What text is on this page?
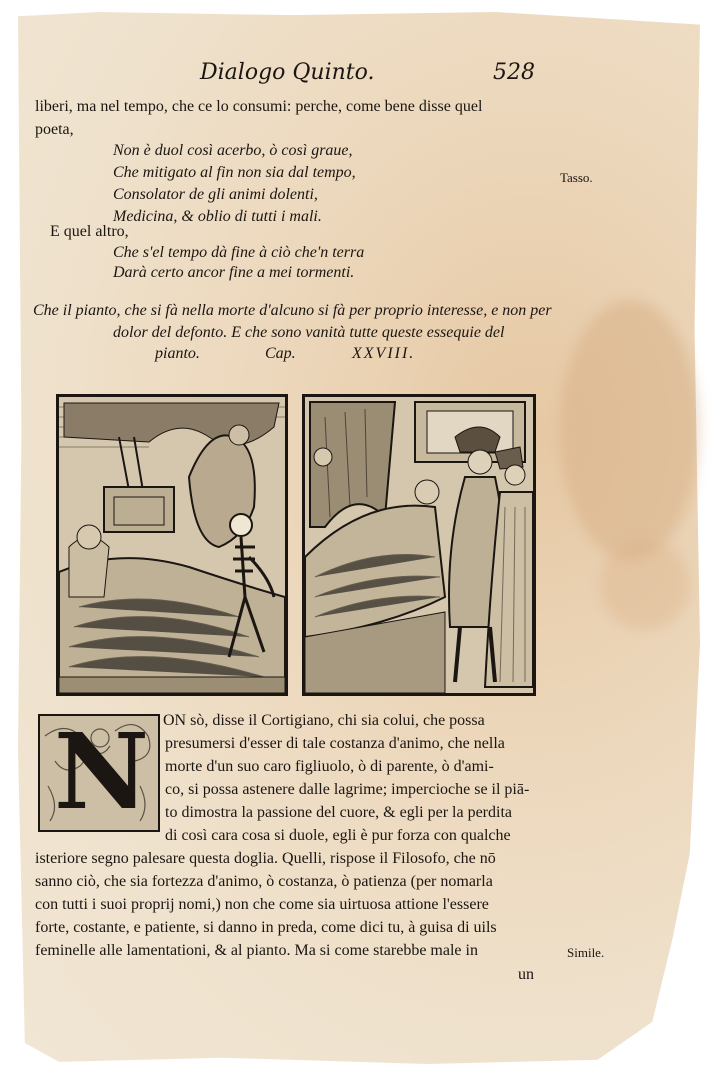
Dialogo Quinto.	528
liberi, ma nel tempo, che ce lo consumi: perche, come bene disse quel
poeta,
Non è duol così acerbo, ò così graue,
Che mitigato al fin non sia dal tempo,
Consolator de gli animi dolenti,
Medicina, & oblio di tutti i mali.
Tasso.
E quel altro,
Che s'el tempo dà fine à ciò che'n terra
Darà certo ancor fine a mei tormenti.
Che il pianto, che si fà nella morte d'alcuno si fà per proprio interesse, e non per
dolor del defonto. E che sono vanità tutte queste essequie del
pianto.	Cap.	XXVIII.
N ON sò, disse il Cortigiano, chi sia colui, che possa
presumersi d'esser di tale costanza d'animo, che nella
morte d'un suo caro figliuolo, ò di parente, ò d'ami-
co, si possa astenere dalle lagrime; impercioche se il piā-
to dimostra la passione del cuore, & egli per la perdita
di così cara cosa si duole, egli è pur forza con qualche
isteriore segno palesare questa doglia. Quelli, rispose il Filosofo, che nō
sanno ciò, che sia fortezza d'animo, ò costanza, ò patienza (per nomarla
con tutti i suoi proprij nomi,) non che come sia uirtuosa attione l'essere
forte, costante, e patiente, si danno in preda, come dici tu, à guisa di uils
feminelle alle lamentationi, & al pianto. Ma si come starebbe male in	Simile.
un
